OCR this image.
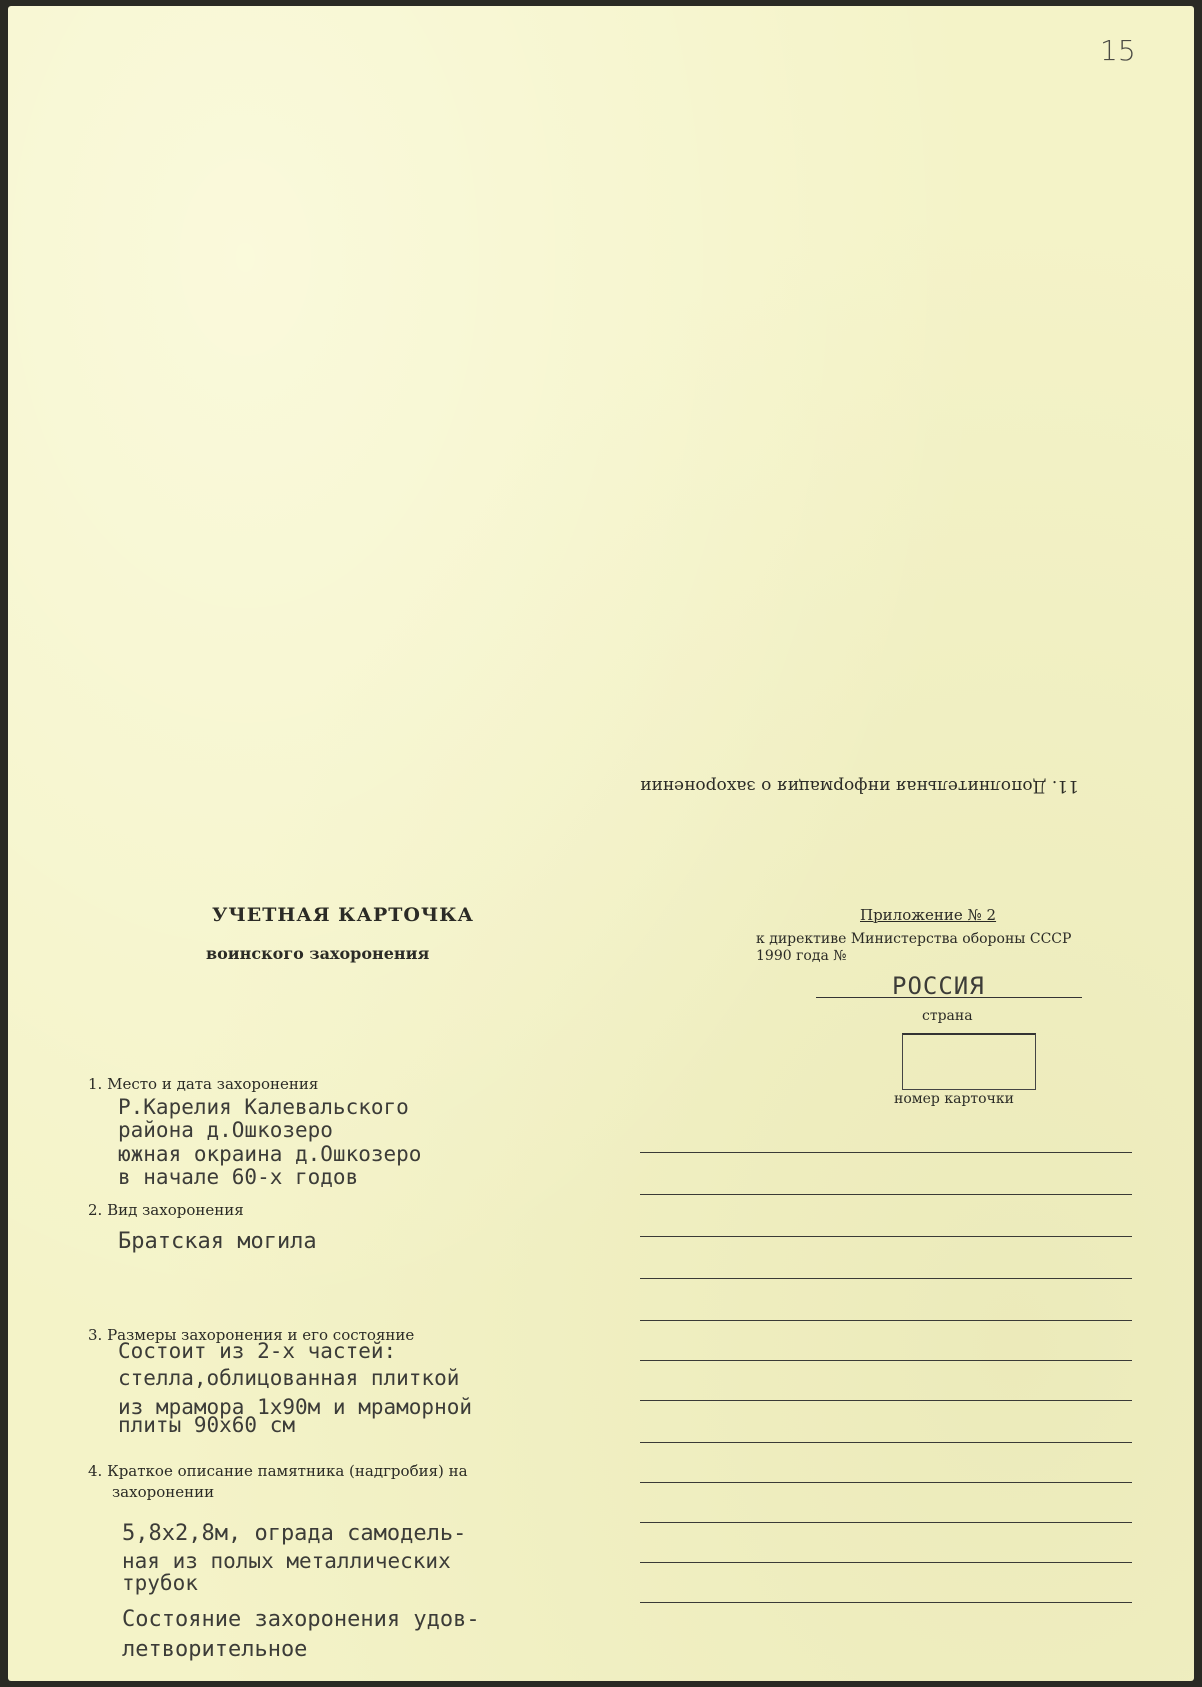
15
11. Дополнительная информация о захоронении
УЧЕТНАЯ КАРТОЧКА
воинского захоронения
Приложение № 2
к директиве Министерства обороны СССР
1990 года №
РОССИЯ
страна
номер карточки
1. Место и дата захоронения
Р.Карелия Калевальского
района д.Ошкозеро
южная окраина д.Ошкозеро
в начале 60-х годов
2. Вид захоронения
Братская могила
3. Размеры захоронения и его состояние
Состоит из 2-х частей:
стелла,облицованная плиткой
из мрамора 1х90м и мраморной
плиты 90х60 см
4. Краткое описание памятника (надгробия) на
захоронении
5,8х2,8м, ограда самодель-
ная из полых металлических
трубок
Состояние захоронения удов-
летворительное
